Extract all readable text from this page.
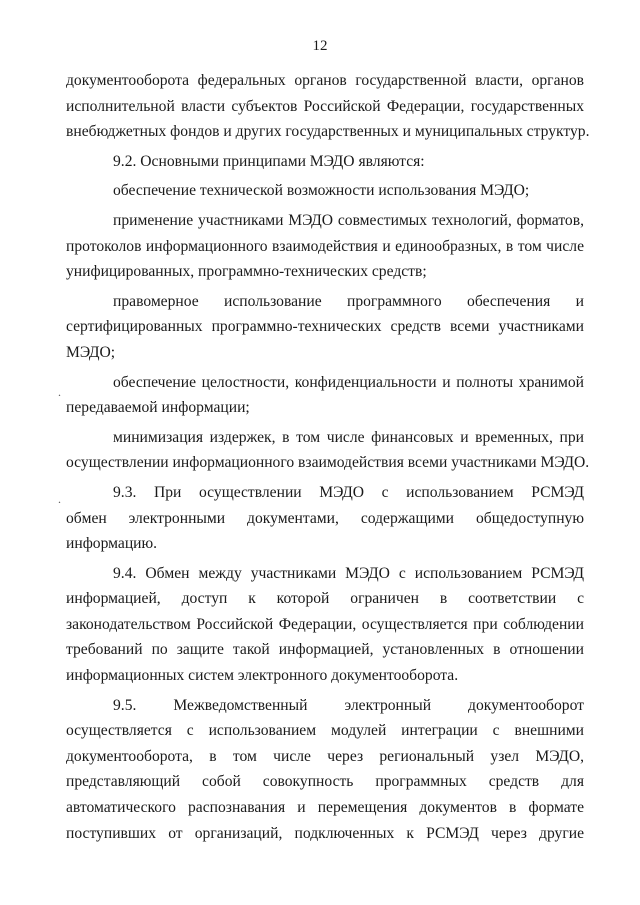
12
документооборота федеральных органов государственной власти, органов
исполнительной власти субъектов Российской Федерации, государственных
внебюджетных фондов и других государственных и муниципальных структур.
9.2. Основными принципами МЭДО являются:
обеспечение технической возможности использования МЭДО;
применение участниками МЭДО совместимых технологий, форматов,
протоколов информационного взаимодействия и единообразных, в том числе
унифицированных, программно-технических средств;
правомерное использование программного обеспечения и
сертифицированных программно-технических средств всеми участниками
МЭДО;
обеспечение целостности, конфиденциальности и полноты хранимой
передаваемой информации;
минимизация издержек, в том числе финансовых и временных, при
осуществлении информационного взаимодействия всеми участниками МЭДО.
9.3. При осуществлении МЭДО с использованием РСМЭД
обмен электронными документами, содержащими общедоступную
информацию.
9.4. Обмен между участниками МЭДО с использованием РСМЭД
информацией, доступ к которой ограничен в соответствии с
законодательством Российской Федерации, осуществляется при соблюдении
требований по защите такой информацией, установленных в отношении
информационных систем электронного документооборота.
9.5. Межведомственный электронный документооборот
осуществляется с использованием модулей интеграции с внешними
документооборота, в том числе через региональный узел МЭДО,
представляющий собой совокупность программных средств для
автоматического распознавания и перемещения документов в формате
поступивших от организаций, подключенных к РСМЭД через другие
.
.
